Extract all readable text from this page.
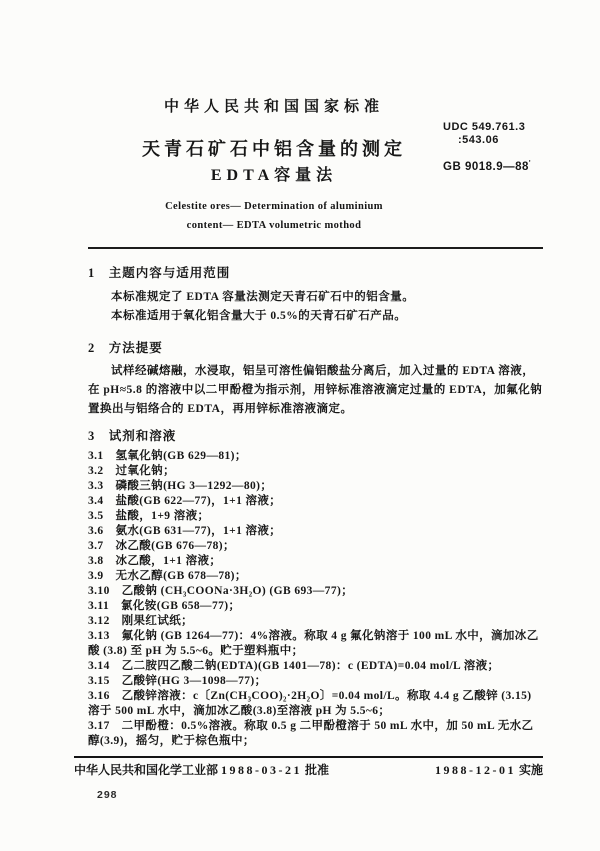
中华人民共和国国家标准
天青石矿石中铝含量的测定
EDTA容量法
Celestite ores— Determination of aluminium
content— EDTA volumetric mothod
UDC 549.761.3
:543.06
GB 9018.9—88'
1　主题内容与适用范围

本标准规定了 EDTA 容量法测定天青石矿石中的铝含量。

本标准适用于氧化铝含量大于 0.5%的天青石矿石产品。

2　方法提要

试样经碱熔融，水浸取，铝呈可溶性偏铝酸盐分离后，加入过量的 EDTA 溶液，在 pH≈5.8 的溶液中以二甲酚橙为指示剂，用锌标准溶液滴定过量的 EDTA，加氟化钠置换出与铝络合的 EDTA，再用锌标准溶液滴定。

3　试剂和溶液

3.1　氢氧化钠(GB 629—81)；

3.2　过氧化钠；

3.3　磷酸三钠(HG 3—1292—80)；

3.4　盐酸(GB 622—77)，1+1 溶液；

3.5　盐酸，1+9 溶液；

3.6　氨水(GB 631—77)，1+1 溶液；

3.7　冰乙酸(GB 676—78)；

3.8　冰乙酸，1+1 溶液；

3.9　无水乙醇(GB 678—78)；

3.10　乙酸钠 (CH₃COONa·3H₂O) (GB 693—77)；

3.11　氯化铵(GB 658—77)；

3.12　刚果红试纸；

3.13　氟化钠 (GB 1264—77)：4%溶液。称取 4 g 氟化钠溶于 100 mL 水中，滴加冰乙酸 (3.8) 至 pH 为 5.5~6。贮于塑料瓶中；

3.14　乙二胺四乙酸二钠(EDTA)(GB 1401—78)：c (EDTA)=0.04 mol/L 溶液；

3.15　乙酸锌(HG 3—1098—77)；

3.16　乙酸锌溶液：c〔Zn(CH₃COO)₂·2H₂O〕=0.04 mol/L。称取 4.4 g 乙酸锌 (3.15) 溶于 500 mL 水中，滴加冰乙酸(3.8)至溶液 pH 为 5.5~6；

3.17　二甲酚橙：0.5%溶液。称取 0.5 g 二甲酚橙溶于 50 mL 水中，加 50 mL 无水乙醇(3.9)，摇匀，贮于棕色瓶中；

中华人民共和国化学工业部 1988-03-21 批准	1988-12-01 实施
298
